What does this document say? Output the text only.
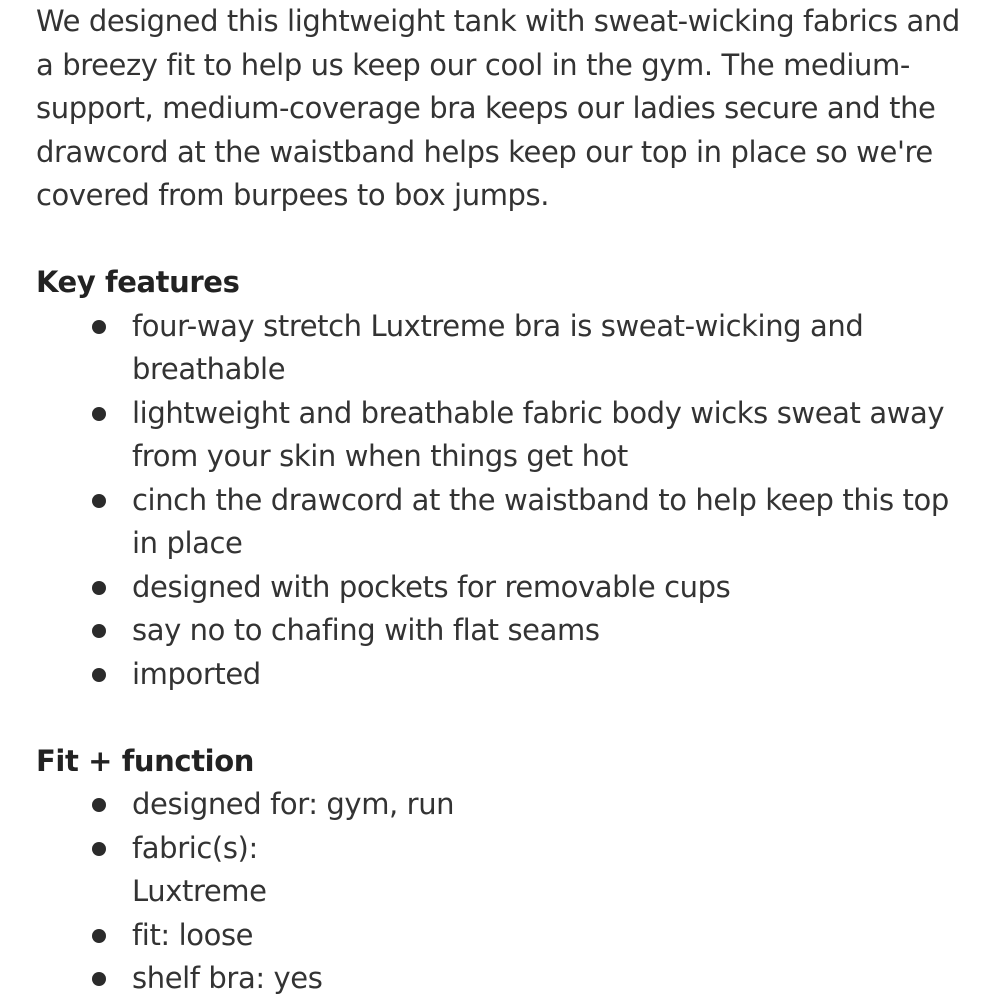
We designed this lightweight tank with sweat-wicking fabrics and a breezy fit to help us keep our cool in the gym. The medium-support, medium-coverage bra keeps our ladies secure and the drawcord at the waistband helps keep our top in place so we're covered from burpees to box jumps.

Key features
four-way stretch Luxtreme bra is sweat-wicking and breathable
lightweight and breathable fabric body wicks sweat away from your skin when things get hot
cinch the drawcord at the waistband to help keep this top in place
designed with pockets for removable cups
say no to chafing with flat seams
imported
Fit + function
designed for: gym, run
fabric(s):
Luxtreme
fit: loose
shelf bra: yes
